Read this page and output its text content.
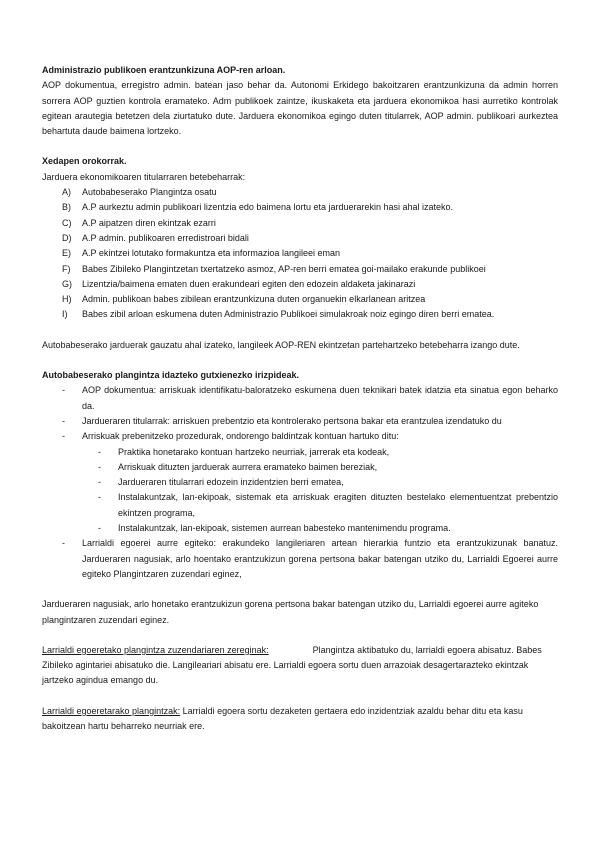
Administrazio publikoen erantzunkizuna AOP-ren arloan.

AOP dokumentua, erregistro admin. batean jaso behar da. Autonomi Erkidego bakoitzaren erantzunkizuna da admin horren sorrera AOP guztien kontrola eramateko. Adm publikoek zaintze, ikuskaketa eta jarduera ekonomikoa hasi aurretiko kontrolak egitean arautegia betetzen dela ziurtatuko dute. Jarduera ekonomikoa egingo duten titularrek, AOP admin. publikoari aurkeztea behartuta daude baimena lortzeko.

Xedapen orokorrak.

Jarduera ekonomikoaren titularraren betebeharrak:

A) Autobabeserako Plangintza osatu
B) A.P aurkeztu admin publikoari lizentzia edo baimena lortu eta jarduerarekin hasi ahal izateko.
C) A.P aipatzen diren ekintzak ezarri
D) A.P admin. publikoaren erredistroari bidali
E) A.P ekintzei lotutako formakuntza eta informazioa langileei eman
F) Babes Zibileko Plangintzetan txertatzeko asmoz, AP-ren berri ematea goi-mailako erakunde publikoei
G) Lizentzia/baimena ematen duen erakundeari egiten den edozein aldaketa jakinarazi
H) Admin. publikoan babes zibilean erantzunkizuna duten organuekin elkarlanean aritzea
I) Babes zibil arloan eskumena duten Administrazio Publikoei simulakroak noiz egingo diren berri ematea.

Autobabeserako jarduerak gauzatu ahal izateko, langileek AOP-REN ekintzetan partehartzeko betebeharra izango dute.

Autobabeserako plangintza idazteko gutxienezko irizpideak.

- AOP dokumentua: arriskuak identifikatu-baloratzeko eskumena duen teknikari batek idatzia eta sinatua egon beharko da.
- Jardueraren titularrak: arriskuen prebentzio eta kontrolerako pertsona bakar eta erantzulea izendatuko du
- Arriskuak prebenitzeko prozedurak, ondorengo baldintzak kontuan hartuko ditu:
- Praktika honetarako kontuan hartzeko neurriak, jarrerak eta kodeak,
- Arriskuak dituzten jarduerak aurrera eramateko baimen bereziak,
- Jardueraren titularrari edozein inzidentzien berri ematea,
- Instalakuntzak, lan-ekipoak, sistemak eta arriskuak eragiten dituzten bestelako elementuentzat prebentzio ekintzen programa,
- Instalakuntzak, lan-ekipoak, sistemen aurrean babesteko mantenimendu programa.
- Larrialdi egoerei aurre egiteko: erakundeko langileriaren artean hierarkia funtzio eta erantzukizunak banatuz. Jardueraren nagusiak, arlo hoentako erantzukizun gorena pertsona bakar batengan utziko du, Larrialdi Egoerei aurre egiteko Plangintzaren zuzendari eginez,

Jardueraren nagusiak, arlo honetako erantzukizun gorena pertsona bakar batengan utziko du, Larrialdi egoerei aurre agiteko plangintzaren zuzendari eginez.

Larrialdi egoeretako plangintza zuzendariaren zereginak:	Plangintza aktibatuko du, larrialdi egoera abisatuz. Babes Zibileko agintariei abisatuko die. Langileariari abisatu ere. Larrialdi egoera sortu duen arrazoiak desagertarazteko ekintzak jartzeko agindua emango du.

Larrialdi egoeretarako plangintzak: Larrialdi egoera sortu dezaketen gertaera edo inzidentziak azaldu behar ditu eta kasu bakoitzean hartu beharreko neurriak ere.
